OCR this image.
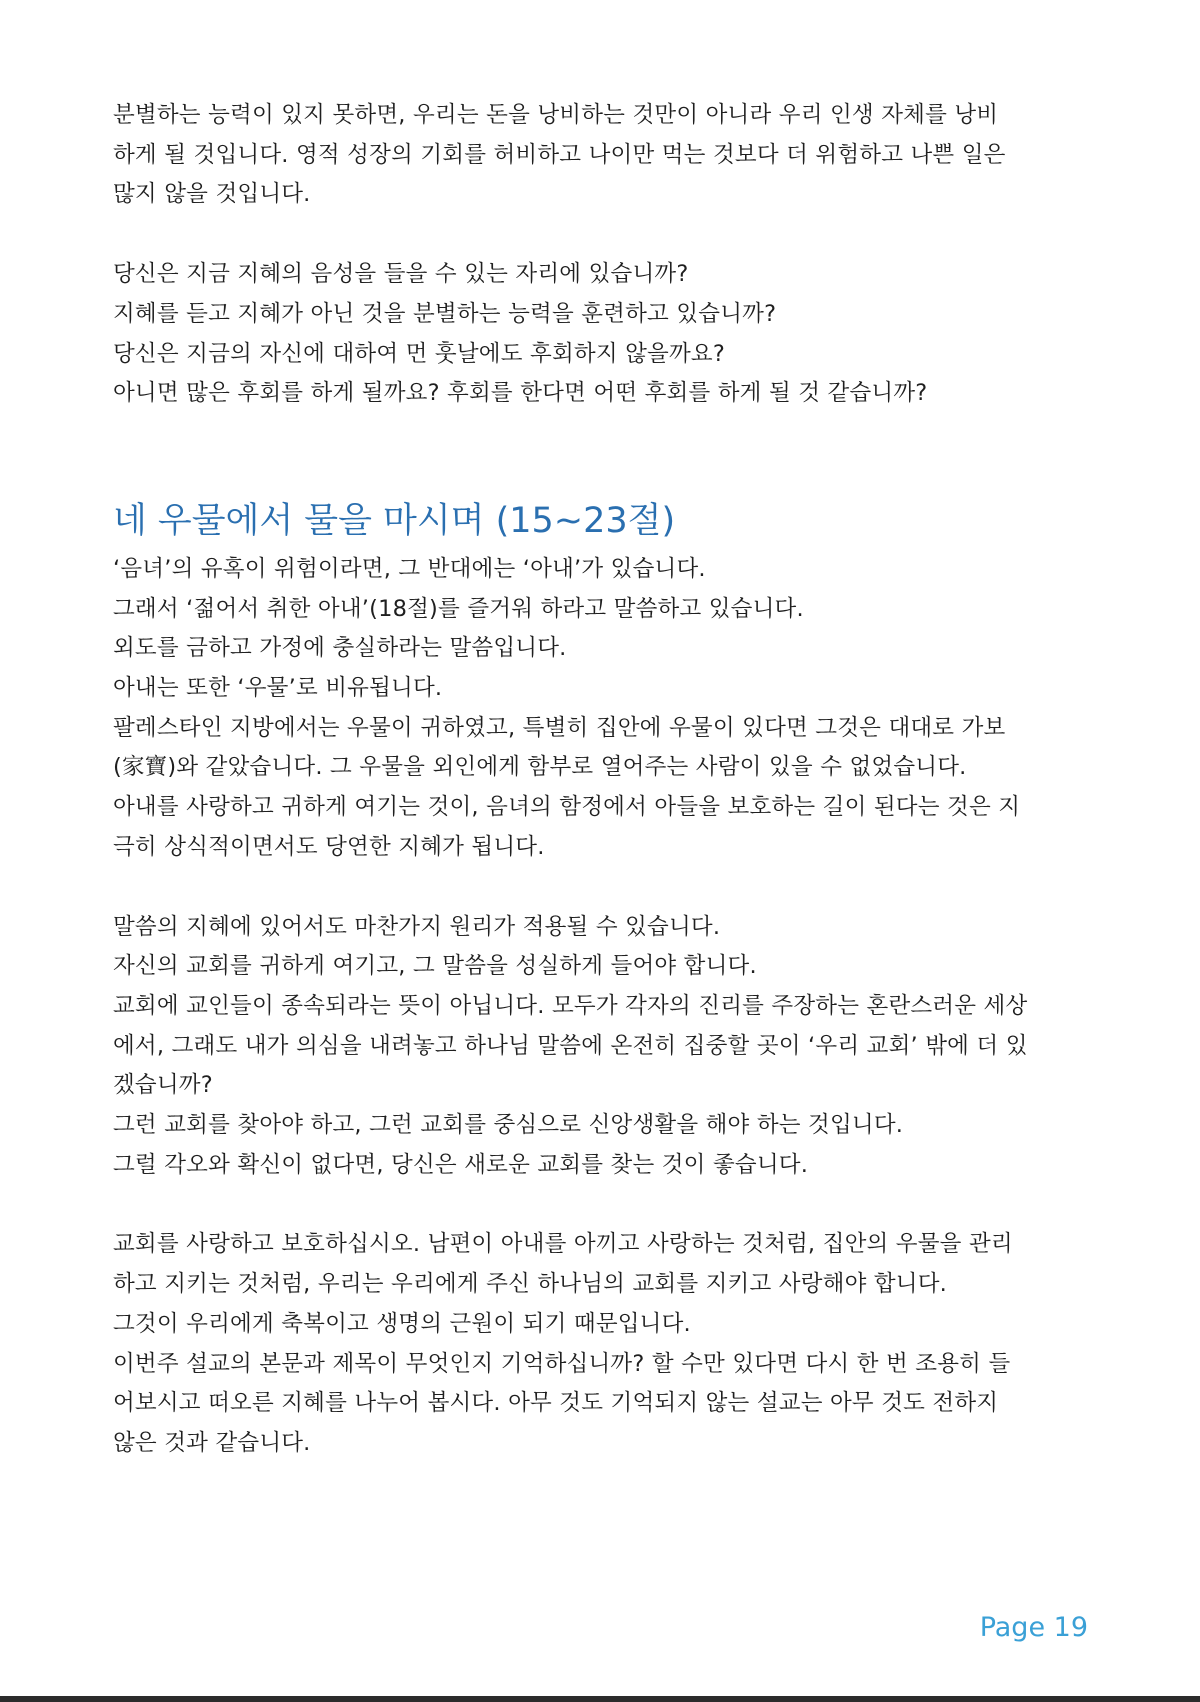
분별하는 능력이 있지 못하면, 우리는 돈을 낭비하는 것만이 아니라 우리 인생 자체를 낭비
하게 될 것입니다. 영적 성장의 기회를 허비하고 나이만 먹는 것보다 더 위험하고 나쁜 일은
많지 않을 것입니다.
당신은 지금 지혜의 음성을 들을 수 있는 자리에 있습니까?
지혜를 듣고 지혜가 아닌 것을 분별하는 능력을 훈련하고 있습니까?
당신은 지금의 자신에 대하여 먼 훗날에도 후회하지 않을까요?
아니면 많은 후회를 하게 될까요? 후회를 한다면 어떤 후회를 하게 될 것 같습니까?
네 우물에서 물을 마시며 (15~23절)
‘음녀’의 유혹이 위험이라면, 그 반대에는 ‘아내’가 있습니다.
그래서 ‘젊어서 취한 아내’(18절)를 즐거워 하라고 말씀하고 있습니다.
외도를 금하고 가정에 충실하라는 말씀입니다.
아내는 또한 ‘우물’로 비유됩니다.
팔레스타인 지방에서는 우물이 귀하였고, 특별히 집안에 우물이 있다면 그것은 대대로 가보
(家寶)와 같았습니다. 그 우물을 외인에게 함부로 열어주는 사람이 있을 수 없었습니다.
아내를 사랑하고 귀하게 여기는 것이, 음녀의 함정에서 아들을 보호하는 길이 된다는 것은 지
극히 상식적이면서도 당연한 지혜가 됩니다.
말씀의 지혜에 있어서도 마찬가지 원리가 적용될 수 있습니다.
자신의 교회를 귀하게 여기고, 그 말씀을 성실하게 들어야 합니다.
교회에 교인들이 종속되라는 뜻이 아닙니다. 모두가 각자의 진리를 주장하는 혼란스러운 세상
에서, 그래도 내가 의심을 내려놓고 하나님 말씀에 온전히 집중할 곳이 ‘우리 교회’ 밖에 더 있
겠습니까?
그런 교회를 찾아야 하고, 그런 교회를 중심으로 신앙생활을 해야 하는 것입니다.
그럴 각오와 확신이 없다면, 당신은 새로운 교회를 찾는 것이 좋습니다.
교회를 사랑하고 보호하십시오. 남편이 아내를 아끼고 사랑하는 것처럼, 집안의 우물을 관리
하고 지키는 것처럼, 우리는 우리에게 주신 하나님의 교회를 지키고 사랑해야 합니다.
그것이 우리에게 축복이고 생명의 근원이 되기 때문입니다.
이번주 설교의 본문과 제목이 무엇인지 기억하십니까? 할 수만 있다면 다시 한 번 조용히 들
어보시고 떠오른 지혜를 나누어 봅시다. 아무 것도 기억되지 않는 설교는 아무 것도 전하지
않은 것과 같습니다.
Page 19
